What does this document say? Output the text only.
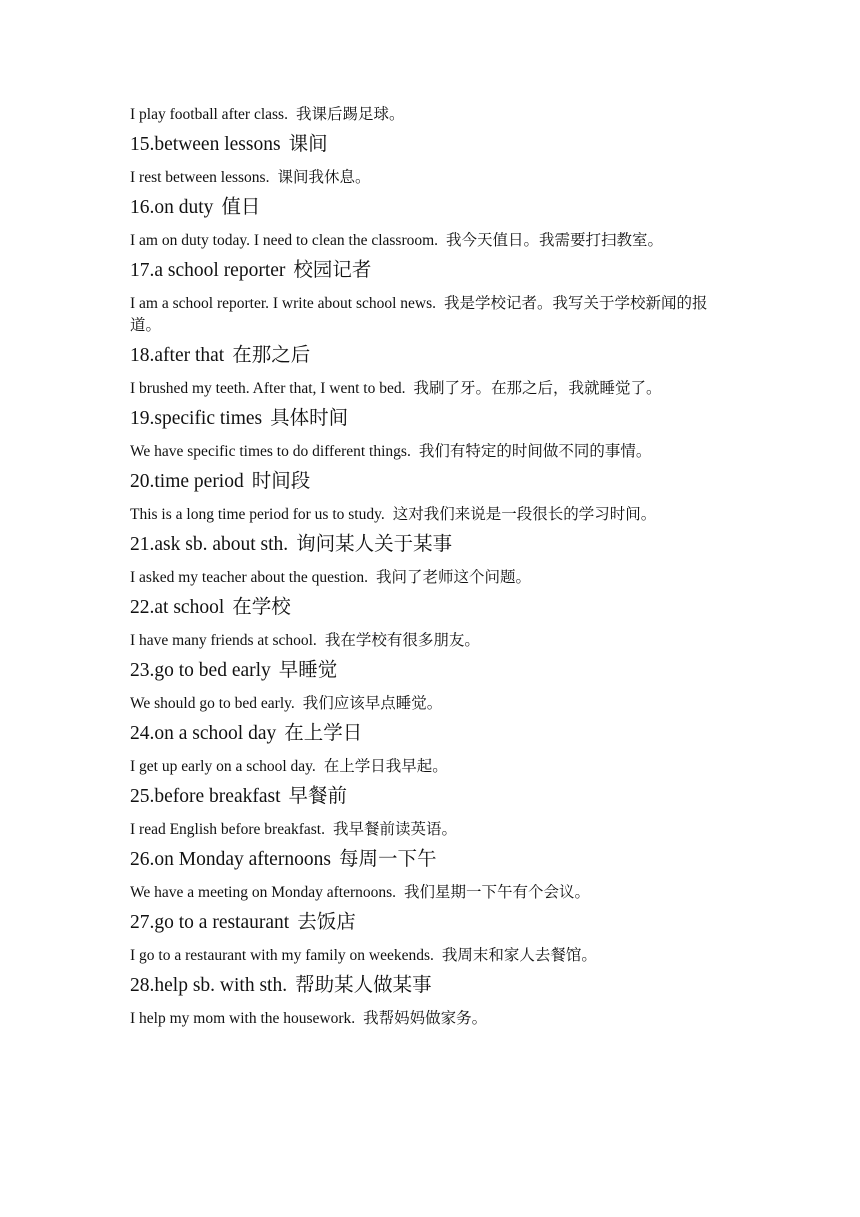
I play football after class. 我课后踢足球。

15.between lessons 课间

I rest between lessons. 课间我休息。

16.on duty 值日

I am on duty today. I need to clean the classroom. 我今天值日。我需要打扫教室。

17.a school reporter 校园记者

I am a school reporter. I write about school news. 我是学校记者。我写关于学校新闻的报道。

18.after that 在那之后

I brushed my teeth. After that, I went to bed. 我刷了牙。在那之后，我就睡觉了。

19.specific times 具体时间

We have specific times to do different things. 我们有特定的时间做不同的事情。

20.time period 时间段

This is a long time period for us to study. 这对我们来说是一段很长的学习时间。

21.ask sb. about sth. 询问某人关于某事

I asked my teacher about the question. 我问了老师这个问题。

22.at school 在学校

I have many friends at school. 我在学校有很多朋友。

23.go to bed early 早睡觉

We should go to bed early. 我们应该早点睡觉。

24.on a school day 在上学日

I get up early on a school day. 在上学日我早起。

25.before breakfast 早餐前

I read English before breakfast. 我早餐前读英语。

26.on Monday afternoons 每周一下午

We have a meeting on Monday afternoons. 我们星期一下午有个会议。

27.go to a restaurant 去饭店

I go to a restaurant with my family on weekends. 我周末和家人去餐馆。

28.help sb. with sth. 帮助某人做某事

I help my mom with the housework. 我帮妈妈做家务。
